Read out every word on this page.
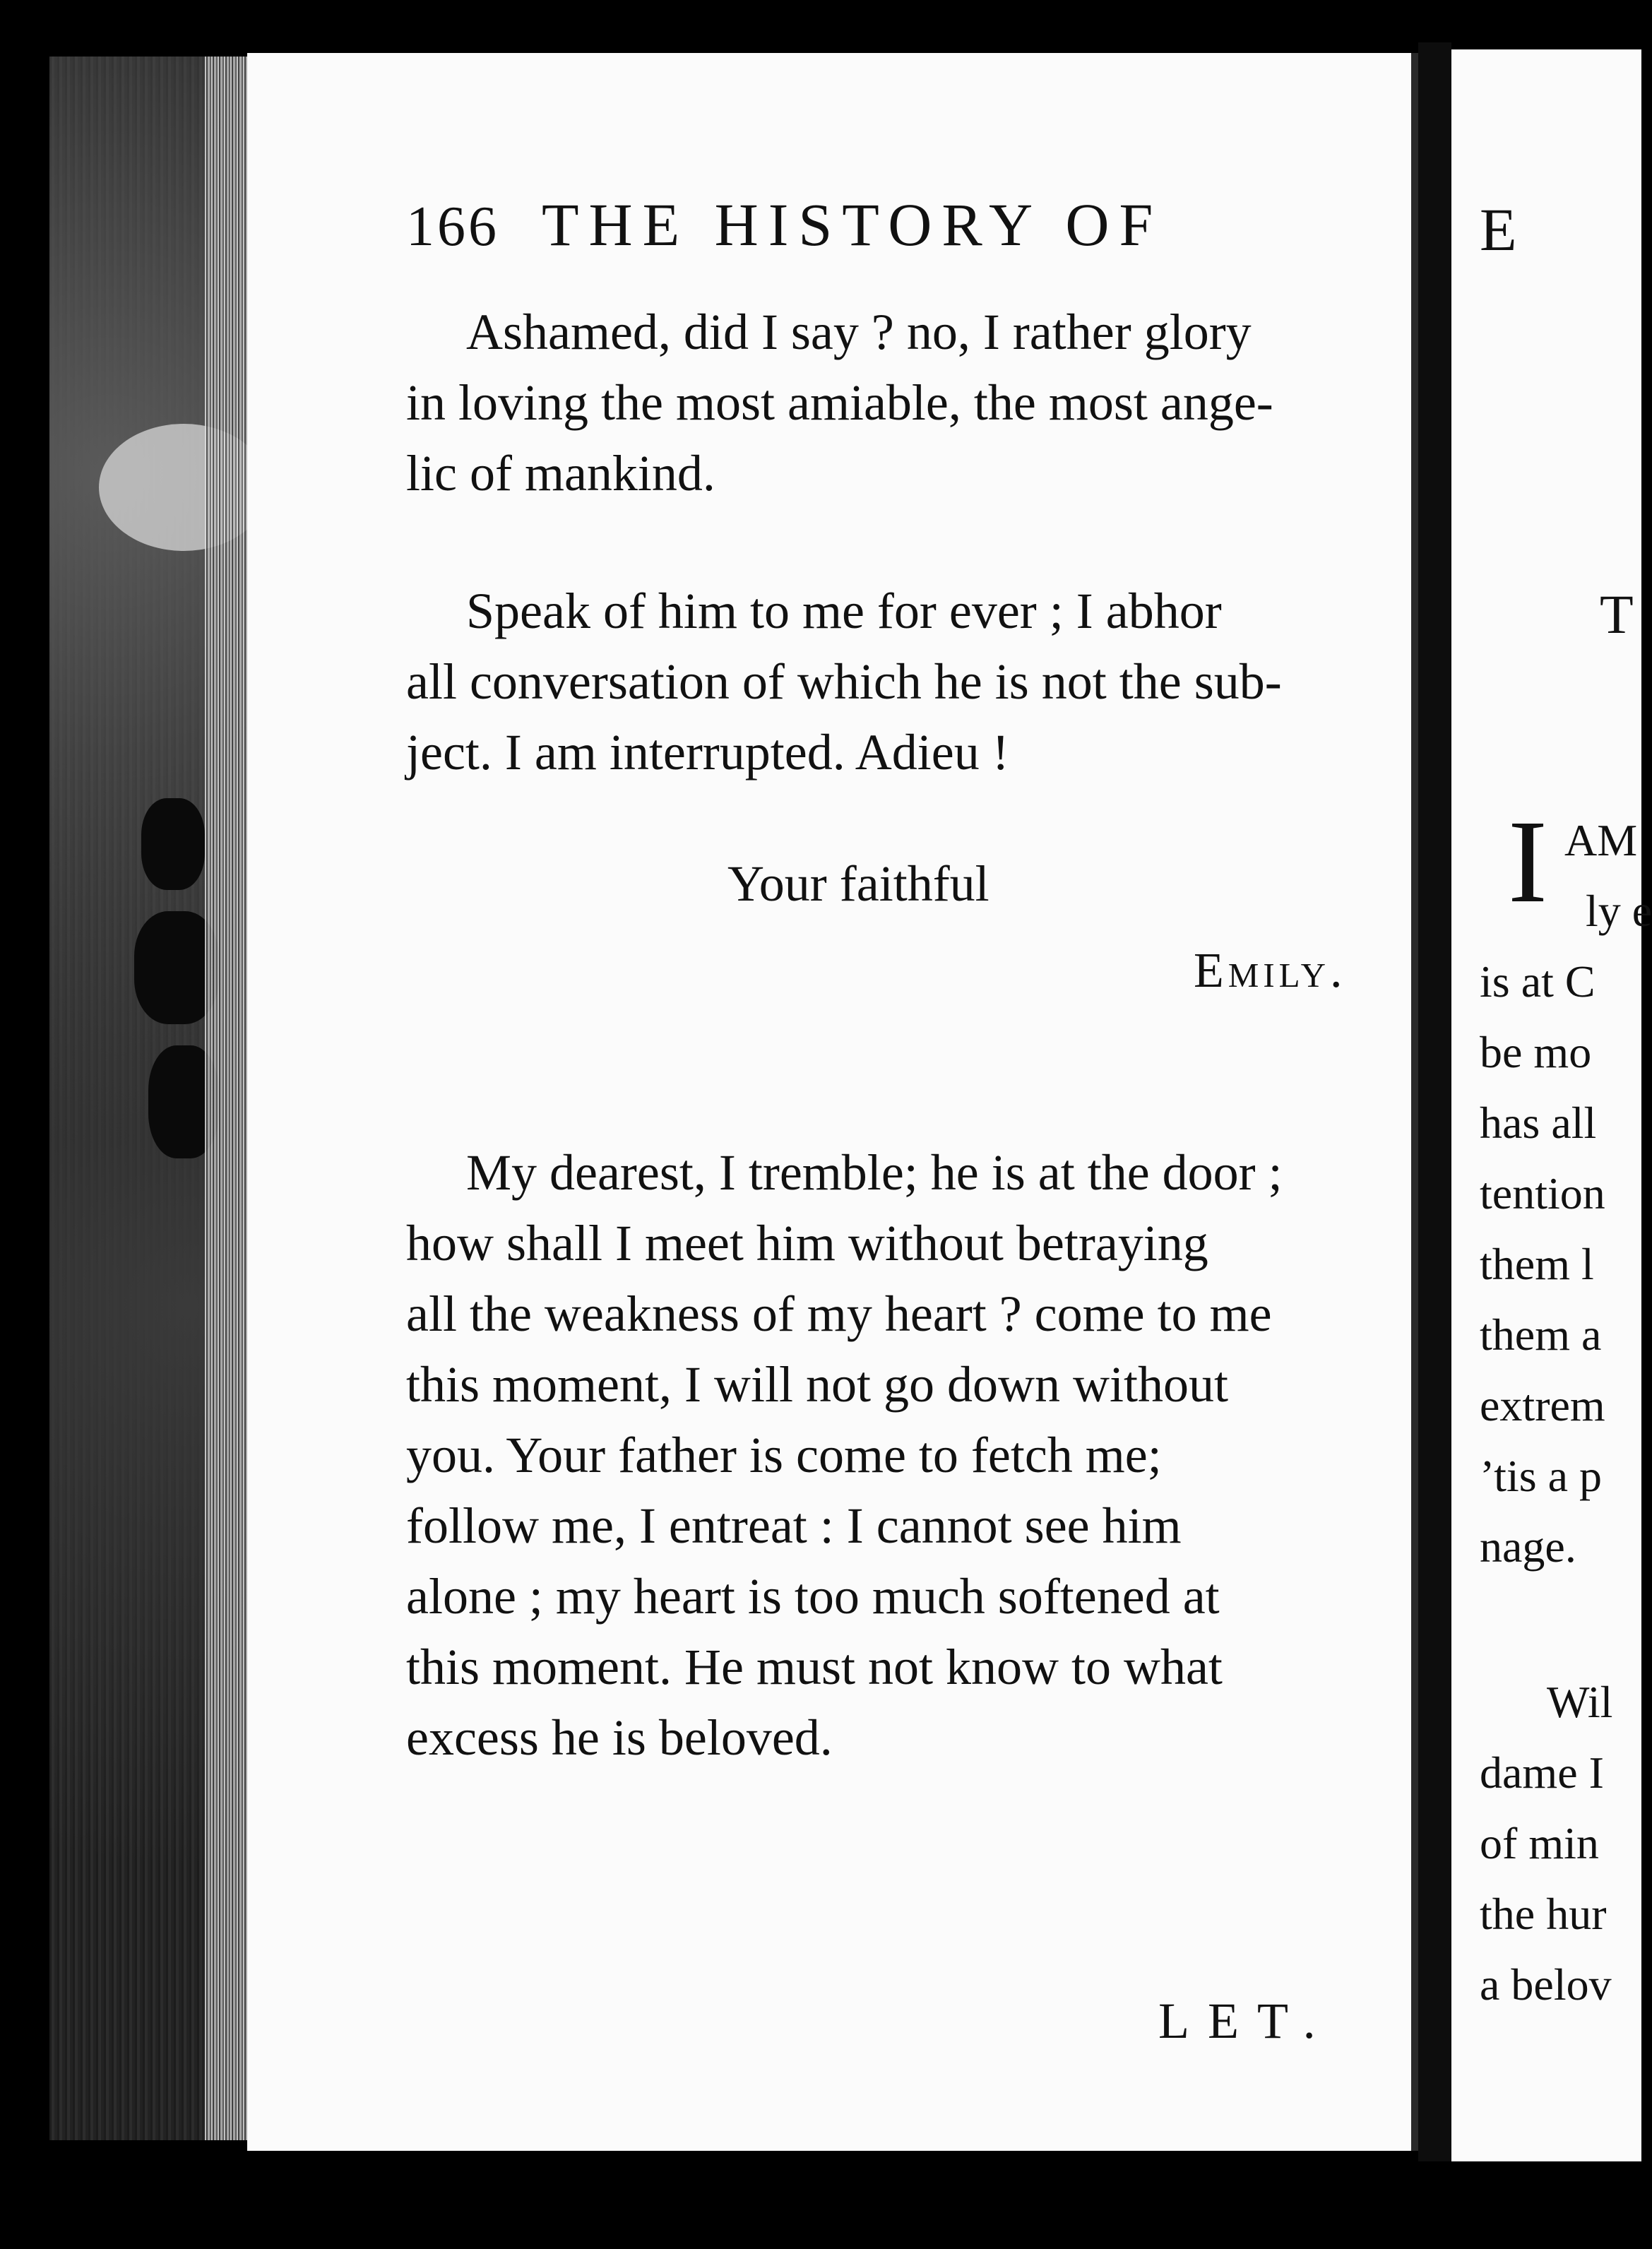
166 THE HISTORY OF
Ashamed, did I say ? no, I rather glory
in loving the most amiable, the most ange-
lic of mankind.
Speak of him to me for ever ; I abhor
all conversation of which he is not the sub-
ject. I am interrupted. Adieu !
Your faithful
Emily.
My dearest, I tremble; he is at the door ;
how shall I meet him without betraying
all the weakness of my heart ? come to me
this moment, I will not go down without
you. Your father is come to fetch me;
follow me, I entreat : I cannot see him
alone ; my heart is too much softened at
this moment. He must not know to what
excess he is beloved.
LET.
E
T
I AM
ly e
is at C
be mo
has all
tention
them l
them a
extrem
’tis a p
nage.
Wil
dame I
of min
the hur
a belov
